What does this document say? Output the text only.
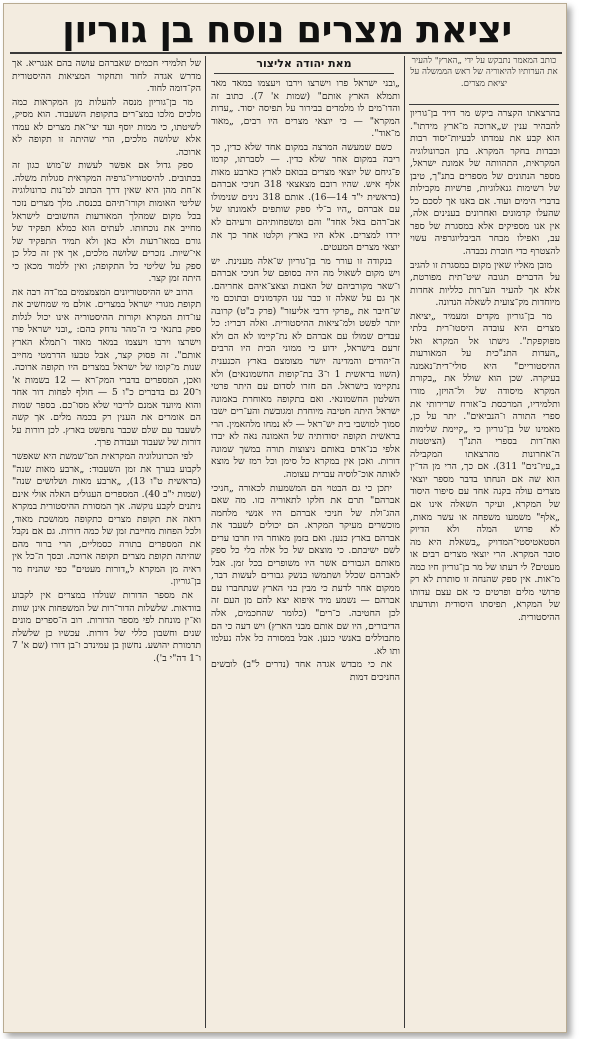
יציאת מצרים נוסח בן גוריון

כותב המאמר נתבקש על ידי „הארץ" להעיר את הערותיו להיאוריה של ראש הממשלה על יציאת מצרים.

מאת יהודה אליצור

בהרצאתו הקצרה ביקש מר דויד בן־גוריון להבהיר ענין ש„ארוכה מ־ארץ מידתו". הוא קבע את עמדתו לבעיות־יסוד רבות וכבדות בחקר המקרא. בתן הכרונולוגיה המקראית, התהוותה של אמונת ישראל, מספר הנתונים של מספרים בתנ"ך, טיבן של רשימות גנאלוגיות, פרשיות מקבילות בדברי הימים ועוד. אם באנו אך לסכם כל שהעלו קדמונים ואחרונים בענינים אלה, אין אנו מספיקים אלא במסגרת של ספר עב, ואפילו מבחר הביבליוגרפיה עשוי להצטרף כדי חוברת נכבדה.

מובן מאליו שאין מקום במסגרת זו להגיב על הדברים תגובה שיט־תית מפורטת, אלא אך להעיר הע־רות כלליות אחדות מיוחדות מק־צועית לשאלה הנדונה.

מר בן־גוריון מקדים ומעמיד „יציאת מצרים היא עובדה היסטו־רית בלתי מפוקפקת". גישתו אל המקרא ואל „העדות התנ"כית על המאורעות ההיסטוריים" היא סולי־דית־נאמנה בעיקרה. שכן הוא שולל את „בקורת המקרא מיסודה של ול־הויזן, מורו ותלמידיו, המרכסת ב־אורח שרירותי את ספרי התורה ו־הנביאים". יתר על כן, מאמינו של בן־גוריון כי „קיימת שלימות ואח־דות בספרי התנ"ך (הציטטות ה־אחרונות מהרצאתו המקבילה ב„עיו־נים" 311). אם כך, הרי מן הד־ין הוא שה אם הנחתו בדבר מספר יוצאי מצרים עולה בקנה אחד עם סיפור היסוד של המקרא, ועיקר השאלה אינו אם „אלף" משמעו משפחה או עשר מאות, לא פרוש המלה ולא הדיוק הסטאטיסטי־המדויק „בשאלת היא מה סובר המקרא. הרי יוצאי מצרים רבים או מעטים? לי דעתו של מר בן־גוריון חיו כמה מ־אות. אין ספק שהנחה זו סותרת לא רק פרושי מלים ופרטים כי אם עצם עדותו של המקרא, תפיסתו היסודית ותודעתו ההיסטורית.

„ובני ישראל פרו וישרצו וירבו ויעצמו במאד מאד ותמלא הארץ אותם" (שמות א' 7). כתוב זה והדו־מים לו מלמדים בבירור על תפיסה יסוד. „עדות המקרא" — כי יוצאי מצרים היו רבים, „מאוד מ־אוד".

כשם שמעשה המרצה במקום אחד שלא כדין, כך ריבה במקום אחר שלא כדין. — לסברתו, קדמו פ־גיחם של יוצאי מצרים בבואם לארץ כארבע מאות אלף איש. שהיו רובם מצאצאי 318 חניכי אברהם (בראשית י"ד 14—16). אותם 318 נינים שנימולו עם אברהם „היו ב־לי ספק שותפים לאמונתו של אב־רהם באל אחד" והם ומשפחותיהם ורעיהם לא ירדו למצרים. אלא היו בארץ וקלטו אחר כך את יוצאי מצרים המעטים.

בנקודה זו עורר מר בן־גוריון ש־אלה מענינת. יש ויש מקום לשאול מה היה בסופם של חניכי אברהם ו־שאר מקורביהם של האבות וצאצ־איהם אחריהם. אך גם על שאלה זו כבר ענו הקדמונים ובתוכם מי ש־חיבר את „פרקי דרבי אליעזר" (פרק כ"ט) קרובה יותר לפשט ולמ־ציאות ההיסטורית. ואלה דבריו: כל עבדים שמולו עם אברהם לא נת־קיימו לא הם ולא זרעם בישראל, ידוע כי ממוני הבית היו הרבים ה־יהודים והמדינה יושר מצומצם בארץ הכנענית (השוו בראשית 1 ו־3 בת־קופות החשמונאים) ולא נתקיימו בישראל. הם חזרו לסדום עם היתר פרטי השלטון החשמונאי. ואם בתקופה מאוחרת באמונה ישראל היתה חטיבה מיוחדת ומגובשת והע־רים ישבו סמוך למושבי בית יש־ראל — לא נמחו מלהאמין. הרי בראשית תקופה יסודותיה של האמונה נאה לא יבדו אלפי בנ־אדם באותם ניצוצות תורה במשך שמונה דורות. ואכן אין במקרא כל סימן וכל רמז של מוצא לאותה אוכ־לוסיה עברית עצומה.

יתכן כי גם הבטוי הם המשמעות לכאורה „חניכי אברהם" תרם את חלקו לתאוריה כזו. מה שאם ההג־ולת של חניכי אברהם היו אנשי מלחמה מוכשרים מעיקר המקרא. הם יכולים לשעבד את אברהם בארץ כנען. ואם בזמן מאוחר היו חרבו ערים לשם ישיבתם. כי מוצאם של כל אלה בלי כל ספק מאותם הגבורים אשר היו משופרים בכל זמן. אבל לאברהם שכלל ושתמשו בנשק גבורים לעשות דבר, ממקום אחר לדעת כי מבין בני הארץ שנתחברו עם אברהם — נשמע מיד איפוא יצא להם מן העם זה לכן החטיבה. כ־רים" (כלומר שהחכמים, אלה הדיבורים, היו שם אותם מבני הארץ) ויש דעה כי הם מתבוללים באנשי כנען. אבל במסורה כל אלה נעלמו ותו לא.

את כי מבדש אגדה אחד (נדרים ל"ב) לובשים החניכים דמות

של תלמידי חכמים שאברהם עושה בהם אנגריא. אך מדרש אגדה לחוד ותחקור המציאות ההיסטורית הק־דומה לחוד.

מר בן־גוריון מנסה להעלות מן המקראות כמה מלכים מלכו במצ־רים בתקופת השעבוד. הוא מסיק, לשיטתו, כי ממות יוסף ועד יצי־את מצרים לא עמדו אלא שלושה מלכים, הרי שהיתה זו תקופה לא ארוכה.

ספק גדול אם אפשר לעשות ש־מוש כגון זה בכתובים. להיסטוריו־גרפיה המקראית סגולות משלה. א־חת מהן היא שאין דרך הכתוב למ־נות כרונולוגיה שליטי האומות וקורו־תיהם בכנסת. מלך מצרים נזכר בכל מקום שמהלך המאורעות החשובים לישראל מחייב את נוכחותו. לעתים הוא כמלא תפקיד של גורם במאו־רעות ולא כאן ולא תמיד התפקיד של אי־שיות. נזכרים שלושה מלכים, אך אין זה כלל כן ספק על שליטי כל התקופה; ואין ללמוד מכאן כי היתה זמן קצר.

הרוב יש ההיסטוריונים המצמצמים במ־דה רבה את תקופת מגורי ישראל במצרים. אולם מי שמחשיב את עו־דות המקרא וקורות ההיסטוריה אינו יכול לנלות ספק בתנאי כי ה־מהר נדחק בהם: „ובני ישראל פרו וישרצו וירבו ויעצמו במאד מאוד ו־תמלא הארץ אותם". זה פסוק קצר, אבל טבעו הדרמטי מחייב שנות מ־קומו של ישראל במצרים היו תקופה ארוכה. ואכן, המספרים בדברי המק־רא — 12 בשמות א' ו־20 גם בדברים כ"ו 5 — חולף לפחות דור אחד והוא מיועד אמנם לריבוי שלא מסו־כם. בספר שמות הם אומרים את הענין רק בכמה מלים. אך קשה לשעבד עם שלם שכבר נתפשט בארץ. לכן דורות על דורות של שעבוד ועבודת פרך.

לפי הכרונולוגיה המקראית המ־שמשת היא שאפשר לקבוע בערך את זמן השעבוד: „ארבע מאות שנה" (בראשית ט"ו 13), „ארבע מאות ושלושים שנה" (שמות י"ב 40). המספרים העגולים האלה אולי אינם ניתנים לקבע נוקשה. אך המסורת ההיסטורית במקרא רואה את תקופת מצרים כתקופה ממושכת מאוד, ולכל הפחות מחייבת זמן של כמה דורות. גם אם נקבל את המספרים בתורה כסמליים, הרי ברור מהם שהיתה תקופת מצרים תקופה ארוכה. ובסך ה־כל אין ראיה מן המקרא ל„דורות מעטים" כפי שהניח מר בן־גוריון.

את מספר הדורות שנולדו במצרים אין לקבוע בוודאות. שלשלות הדור־רות של המשפחות אינן שוות וא־ין מונחת לפי מספר הדורות. רוב ה־ספרים מונים שנים וחשבון כללי של דורות. עכשיו כן שלשלת תדמורת יהושע. נחשון בן עמינדב ו־בן דורו (שם א' 7 ו־1 דה"י ב').
